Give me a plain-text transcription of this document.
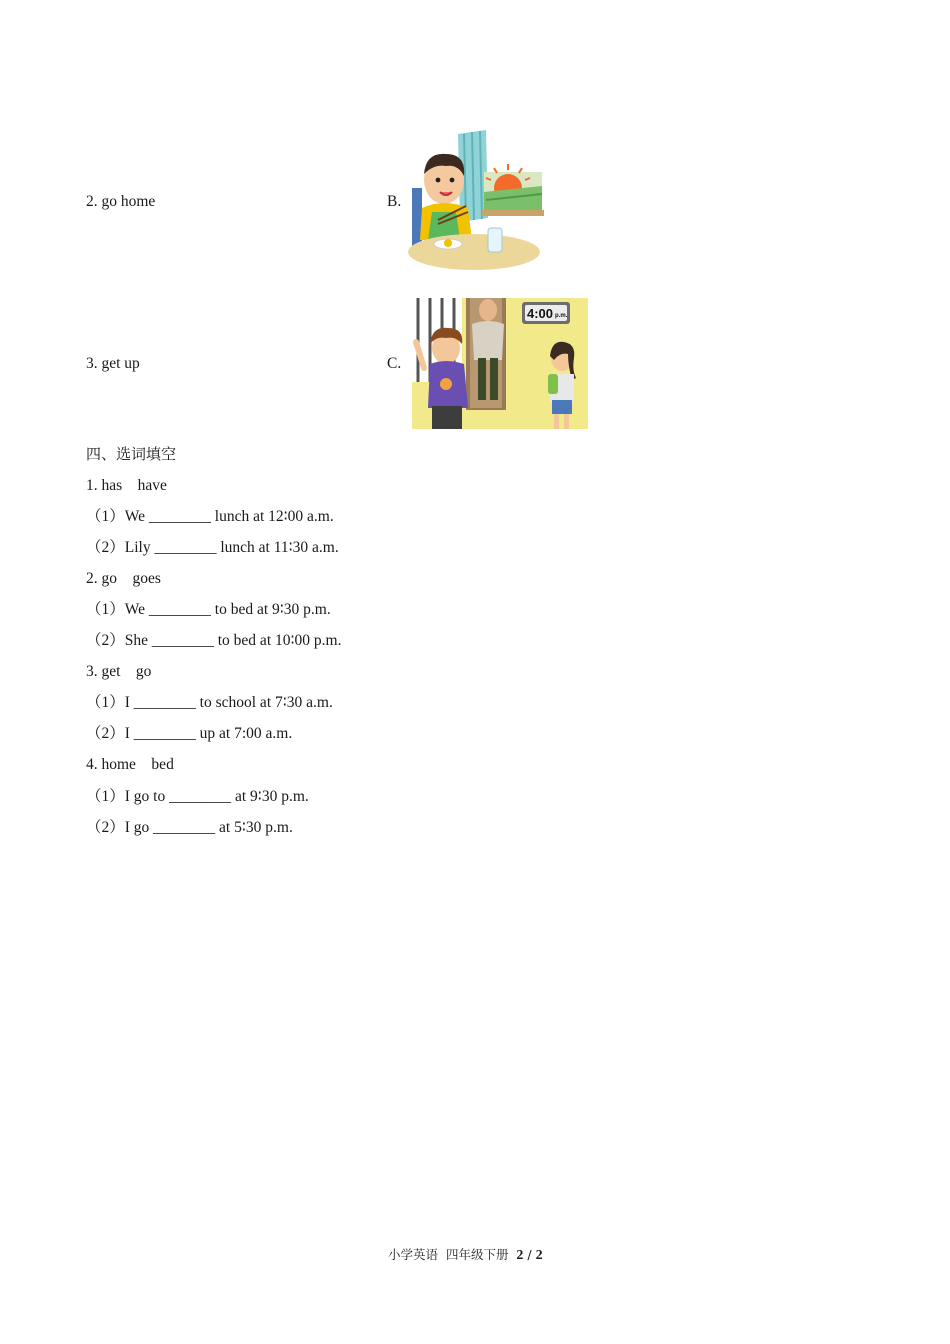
2. go home	B.
3. get up	C.
4:00 p.m.
四、选词填空
1. has    have
（1）We ________ lunch at 12∶00 a.m.
（2）Lily ________ lunch at 11∶30 a.m.
2. go    goes
（1）We ________ to bed at 9∶30 p.m.
（2）She ________ to bed at 10∶00 p.m.
3. get    go
（1）I ________ to school at 7∶30 a.m.
（2）I ________ up at 7:00 a.m.
4. home    bed
（1）I go to ________ at 9∶30 p.m.
（2）I go ________ at 5∶30 p.m.
小学英语  四年级下册 2 / 2
